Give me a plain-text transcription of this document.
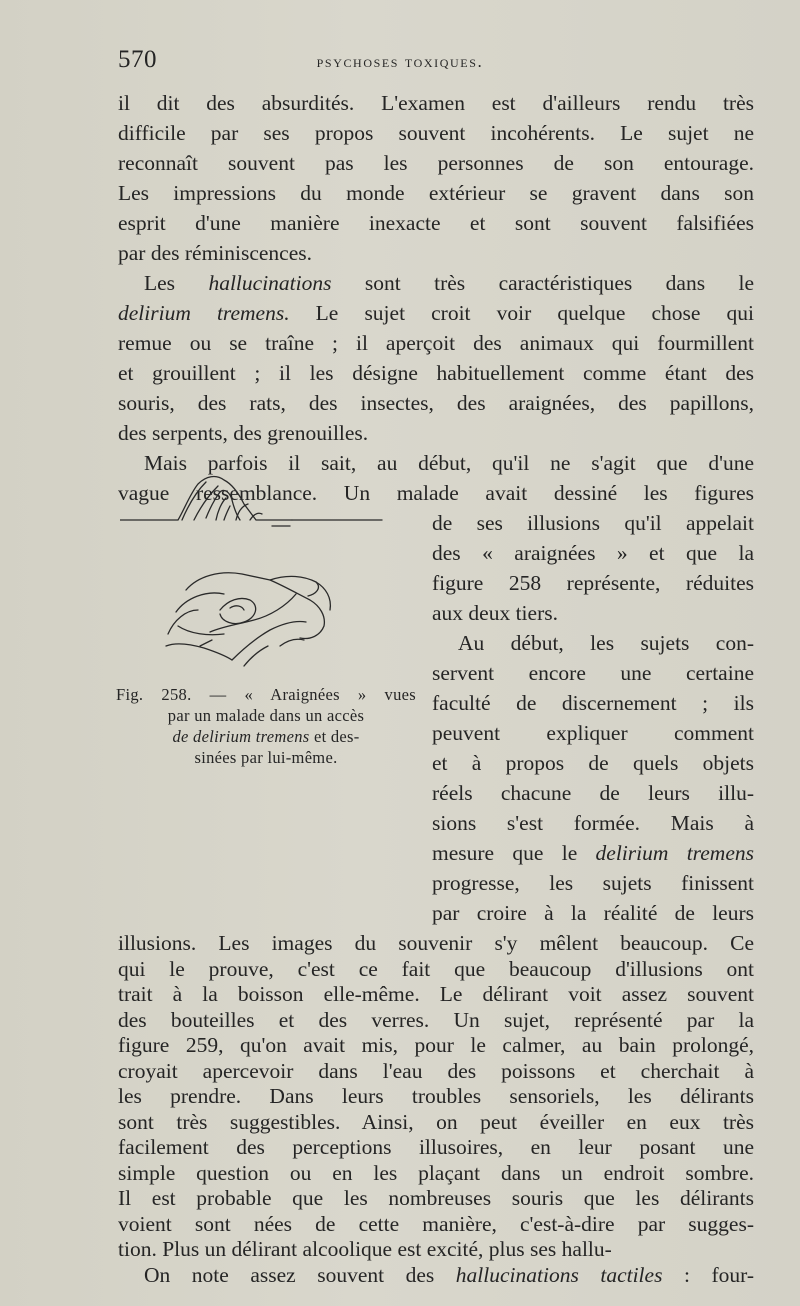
570	psychoses toxiques.
il dit des absurdités. L'examen est d'ailleurs rendu très
difficile par ses propos souvent incohérents. Le sujet ne
reconnaît souvent pas les personnes de son entourage.
Les impressions du monde extérieur se gravent dans son
esprit d'une manière inexacte et sont souvent falsifiées
par des réminiscences.
Les hallucinations sont très caractéristiques dans le
delirium tremens. Le sujet croit voir quelque chose qui
remue ou se traîne ; il aperçoit des animaux qui fourmillent
et grouillent ; il les désigne habituellement comme étant des
souris, des rats, des insectes, des araignées, des papillons,
des serpents, des grenouilles.
Mais parfois il sait, au début, qu'il ne s'agit que d'une
vague ressemblance. Un malade avait dessiné les figures
de ses illusions qu'il appelait
des « araignées » et que la
figure 258 représente, réduites
aux deux tiers.
Au début, les sujets con-
servent encore une certaine
faculté de discernement ; ils
peuvent expliquer comment
et à propos de quels objets
réels chacune de leurs illu-
sions s'est formée. Mais à
mesure que le delirium tremens
progresse, les sujets finissent
par croire à la réalité de leurs
illusions. Les images du souvenir s'y mêlent beaucoup. Ce
qui le prouve, c'est ce fait que beaucoup d'illusions ont
trait à la boisson elle-même. Le délirant voit assez souvent
des bouteilles et des verres. Un sujet, représenté par la
figure 259, qu'on avait mis, pour le calmer, au bain prolongé,
croyait apercevoir dans l'eau des poissons et cherchait à
les prendre. Dans leurs troubles sensoriels, les délirants
sont très suggestibles. Ainsi, on peut éveiller en eux très
facilement des perceptions illusoires, en leur posant une
simple question ou en les plaçant dans un endroit sombre.
Il est probable que les nombreuses souris que les délirants
voient sont nées de cette manière, c'est-à-dire par sugges-
tion. Plus un délirant alcoolique est excité, plus ses hallu-
Fig. 258. — « Araignées » vues
par un malade dans un accès
de delirium tremens et des-
sinées par lui-même.
On note assez souvent des hallucinations tactiles : four-
